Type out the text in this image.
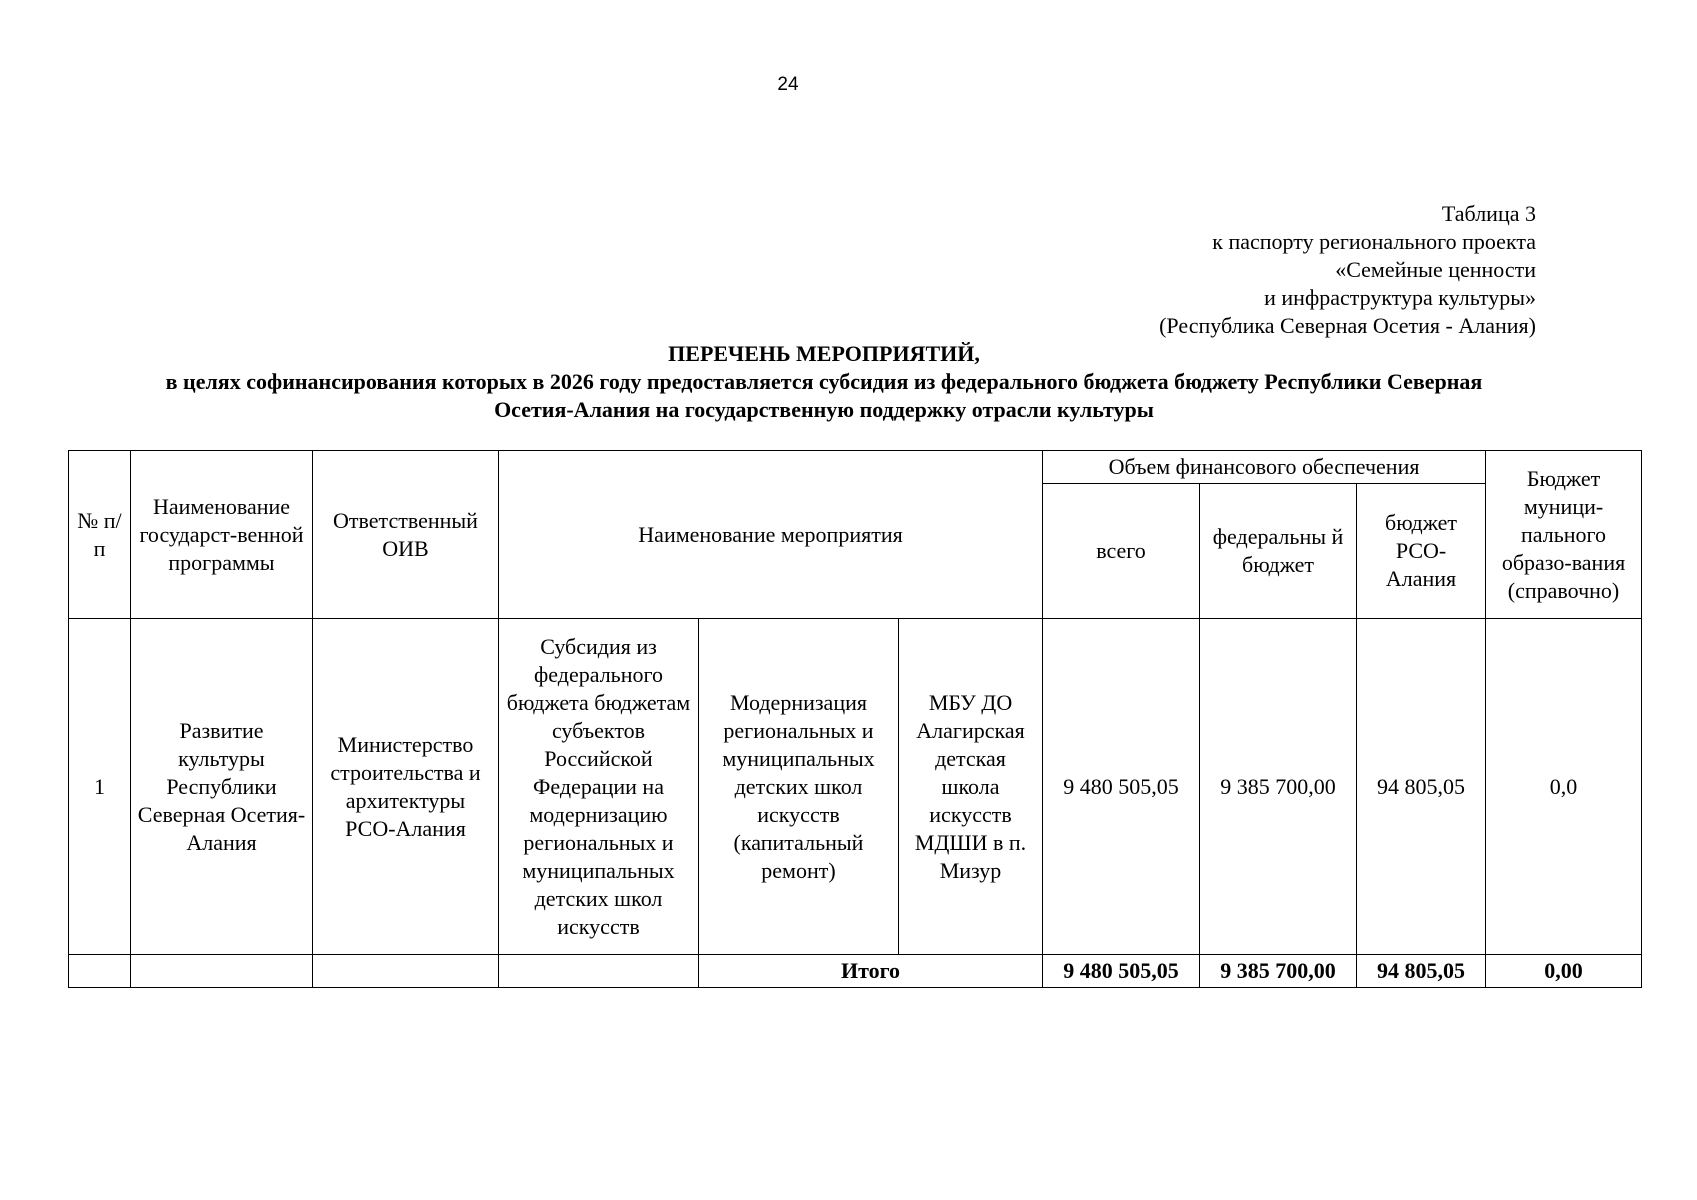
24
Таблица 3
к паспорту регионального проекта
«Семейные ценности
и инфраструктура культуры»
(Республика Северная Осетия - Алания)
ПЕРЕЧЕНЬ МЕРОПРИЯТИЙ,
в целях софинансирования которых в 2026 году предоставляется субсидия из федерального бюджета бюджету Республики Северная
Осетия-Алания на государственную поддержку отрасли культуры
№ п/п	Наименование государст-венной программы	Ответственный ОИВ	Наименование мероприятия			Объем финансового обеспечения			Бюджет муници-пального образо-вания (справочно)
						всего	федеральны й бюджет	бюджет РСО-Алания	
1	Развитие культуры Республики Северная Осетия-Алания	Министерство строительства и архитектуры РСО-Алания	Субсидия из федерального бюджета бюджетам субъектов Российской Федерации на модернизацию региональных и муниципальных детских школ искусств	Модернизация региональных и муниципальных детских школ искусств (капитальный ремонт)	МБУ ДО Алагирская детская школа искусств МДШИ в п. Мизур	9 480 505,05	9 385 700,00	94 805,05	0,0
				Итого		9 480 505,05	9 385 700,00	94 805,05	0,00
